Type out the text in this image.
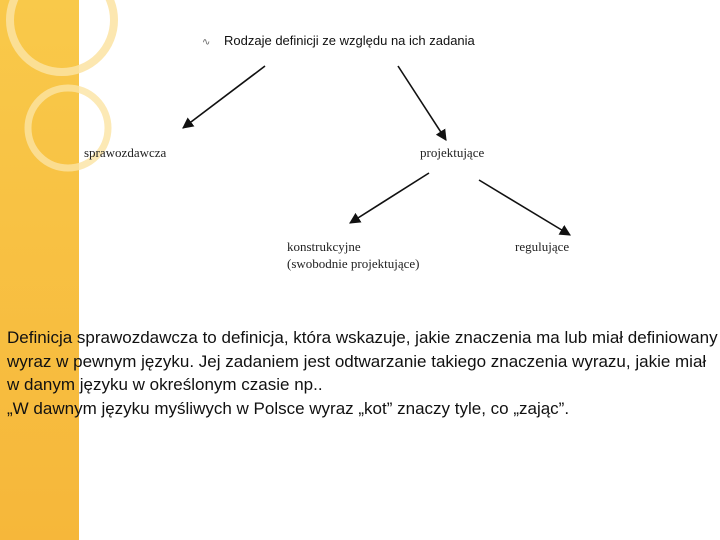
∿ Rodzaje definicji ze względu na ich zadania
sprawozdawcza	projektujące
konstrukcyjne
(swobodnie projektujące)
regulujące
Definicja sprawozdawcza to definicja, która wskazuje, jakie znaczenia ma lub miał definiowany
wyraz w pewnym języku. Jej zadaniem jest odtwarzanie takiego znaczenia wyrazu, jakie miał
w danym języku w określonym czasie np..
„W dawnym języku myśliwych w Polsce wyraz „kot” znaczy tyle, co „zając”.
